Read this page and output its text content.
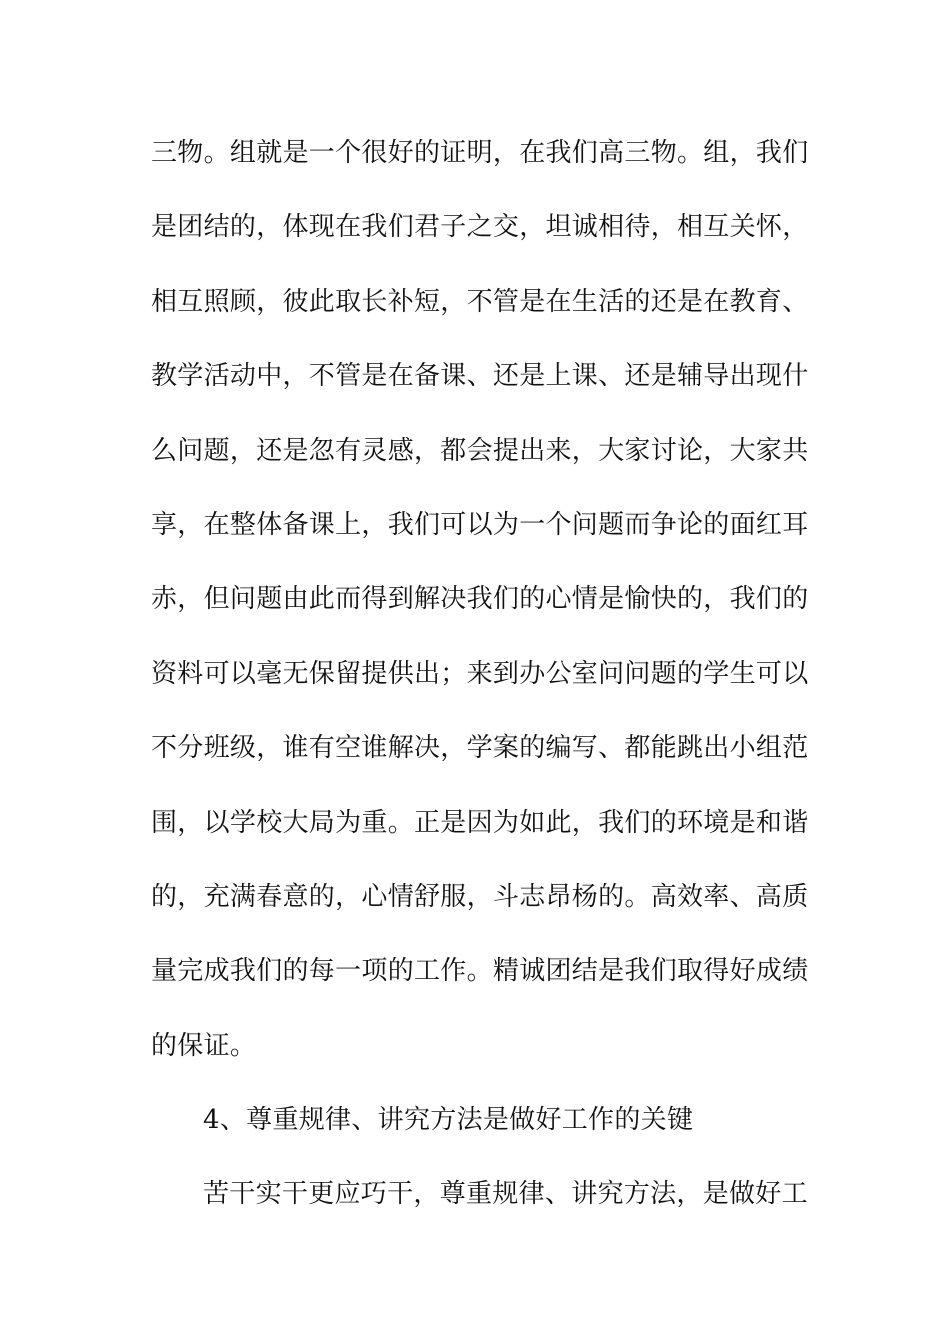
三物。组就是一个很好的证明，在我们高三物。组，我们
是团结的，体现在我们君子之交，坦诚相待，相互关怀，
相互照顾，彼此取长补短，不管是在生活的还是在教育、
教学活动中，不管是在备课、还是上课、还是辅导出现什
么问题，还是忽有灵感，都会提出来，大家讨论，大家共
享，在整体备课上，我们可以为一个问题而争论的面红耳
赤，但问题由此而得到解决我们的心情是愉快的，我们的
资料可以毫无保留提供出；来到办公室问问题的学生可以
不分班级，谁有空谁解决，学案的编写、都能跳出小组范
围，以学校大局为重。正是因为如此，我们的环境是和谐
的，充满春意的，心情舒服，斗志昂杨的。高效率、高质
量完成我们的每一项的工作。精诚团结是我们取得好成绩
的保证。
4、尊重规律、讲究方法是做好工作的关键
苦干实干更应巧干，尊重规律、讲究方法，是做好工
